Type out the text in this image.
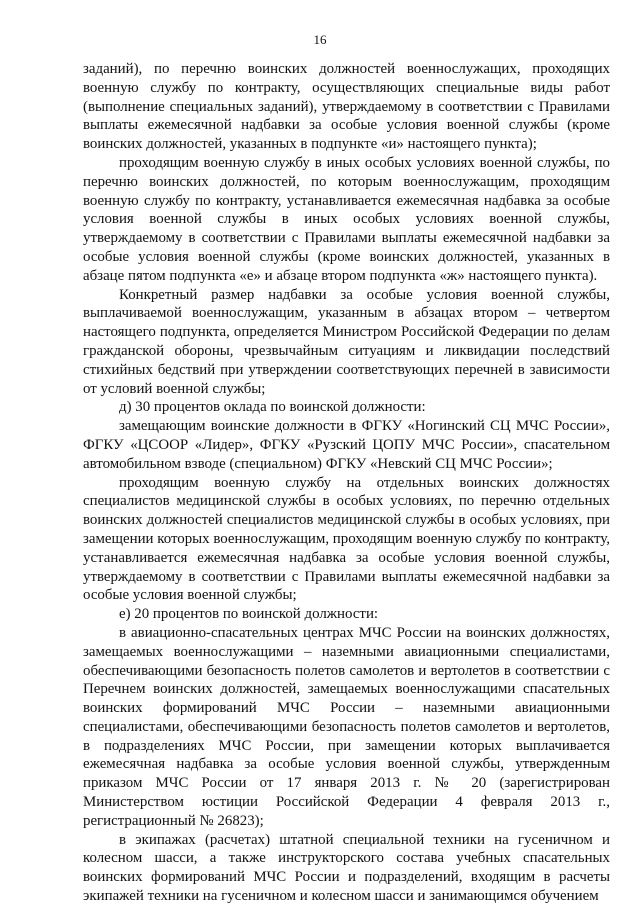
16

заданий), по перечню воинских должностей военнослужащих, проходящих военную службу по контракту, осуществляющих специальные виды работ (выполнение специальных заданий), утверждаемому в соответствии с Правилами выплаты ежемесячной надбавки за особые условия военной службы (кроме воинских должностей, указанных в подпункте «и» настоящего пункта);

проходящим военную службу в иных особых условиях военной службы, по перечню воинских должностей, по которым военнослужащим, проходящим военную службу по контракту, устанавливается ежемесячная надбавка за особые условия военной службы в иных особых условиях военной службы, утверждаемому в соответствии с Правилами выплаты ежемесячной надбавки за особые условия военной службы (кроме воинских должностей, указанных в абзаце пятом подпункта «е» и абзаце втором подпункта «ж» настоящего пункта).

Конкретный размер надбавки за особые условия военной службы, выплачиваемой военнослужащим, указанным в абзацах втором – четвертом настоящего подпункта, определяется Министром Российской Федерации по делам гражданской обороны, чрезвычайным ситуациям и ликвидации последствий стихийных бедствий при утверждении соответствующих перечней в зависимости от условий военной службы;

д) 30 процентов оклада по воинской должности:

замещающим воинские должности в ФГКУ «Ногинский СЦ МЧС России», ФГКУ «ЦСООР «Лидер», ФГКУ «Рузский ЦОПУ МЧС России», спасательном автомобильном взводе (специальном) ФГКУ «Невский СЦ МЧС России»;

проходящим военную службу на отдельных воинских должностях специалистов медицинской службы в особых условиях, по перечню отдельных воинских должностей специалистов медицинской службы в особых условиях, при замещении которых военнослужащим, проходящим военную службу по контракту, устанавливается ежемесячная надбавка за особые условия военной службы, утверждаемому в соответствии с Правилами выплаты ежемесячной надбавки за особые условия военной службы;

е) 20 процентов по воинской должности:

в авиационно-спасательных центрах МЧС России на воинских должностях, замещаемых военнослужащими – наземными авиационными специалистами, обеспечивающими безопасность полетов самолетов и вертолетов в соответствии с Перечнем воинских должностей, замещаемых военнослужащими спасательных воинских формирований МЧС России – наземными авиационными специалистами, обеспечивающими безопасность полетов самолетов и вертолетов, в подразделениях МЧС России, при замещении которых выплачивается ежемесячная надбавка за особые условия военной службы, утвержденным приказом МЧС России от 17 января 2013 г. № 20 (зарегистрирован Министерством юстиции Российской Федерации 4 февраля 2013 г., регистрационный № 26823);

в экипажах (расчетах) штатной специальной техники на гусеничном и колесном шасси, а также инструкторского состава учебных спасательных воинских формирований МЧС России и подразделений, входящим в расчеты экипажей техники на гусеничном и колесном шасси и занимающимся обучением
